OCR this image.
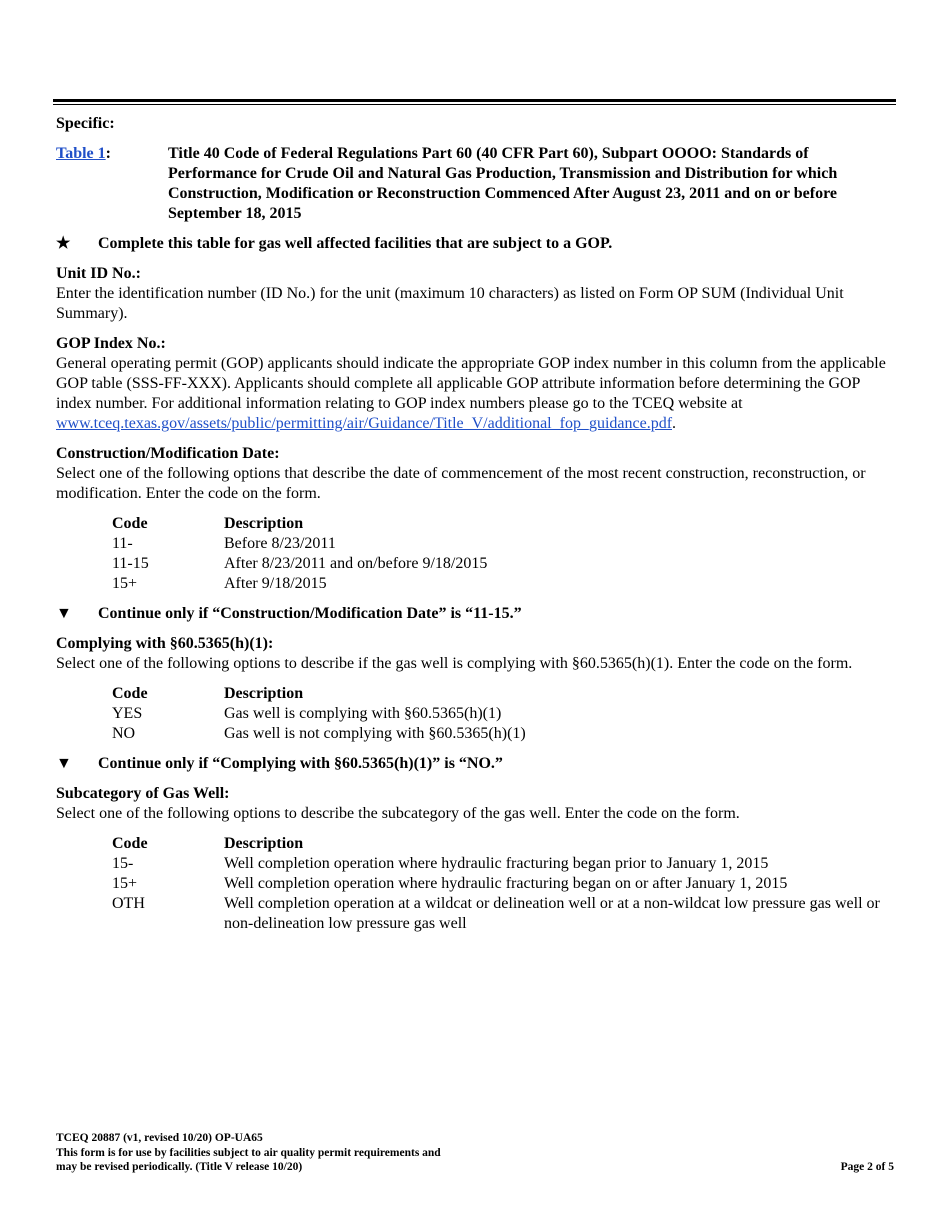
Specific:

Table 1:	Title 40 Code of Federal Regulations Part 60 (40 CFR Part 60), Subpart OOOO: Standards of Performance for Crude Oil and Natural Gas Production, Transmission and Distribution for which Construction, Modification or Reconstruction Commenced After August 23, 2011 and on or before September 18, 2015
★	Complete this table for gas well affected facilities that are subject to a GOP.

Unit ID No.:

Enter the identification number (ID No.) for the unit (maximum 10 characters) as listed on Form OP SUM (Individual Unit Summary).

GOP Index No.:

General operating permit (GOP) applicants should indicate the appropriate GOP index number in this column from the applicable GOP table (SSS-FF-XXX). Applicants should complete all applicable GOP attribute information before determining the GOP index number. For additional information relating to GOP index numbers please go to the TCEQ website at www.tceq.texas.gov/assets/public/permitting/air/Guidance/Title_V/additional_fop_guidance.pdf.

Construction/Modification Date:

Select one of the following options that describe the date of commencement of the most recent construction, reconstruction, or modification. Enter the code on the form.

Code	Description
11-	Before 8/23/2011
11-15	After 8/23/2011 and on/before 9/18/2015
15+	After 9/18/2015
▼	Continue only if “Construction/Modification Date” is “11-15.”

Complying with §60.5365(h)(1):

Select one of the following options to describe if the gas well is complying with §60.5365(h)(1). Enter the code on the form.

Code	Description
YES	Gas well is complying with §60.5365(h)(1)
NO	Gas well is not complying with §60.5365(h)(1)
▼	Continue only if “Complying with §60.5365(h)(1)” is “NO.”

Subcategory of Gas Well:

Select one of the following options to describe the subcategory of the gas well. Enter the code on the form.

Code	Description
15-	Well completion operation where hydraulic fracturing began prior to January 1, 2015
15+	Well completion operation where hydraulic fracturing began on or after January 1, 2015
OTH	Well completion operation at a wildcat or delineation well or at a non-wildcat low pressure gas well or non-delineation low pressure gas well
TCEQ 20887 (v1, revised 10/20) OP-UA65
This form is for use by facilities subject to air quality permit requirements and
may be revised periodically. (Title V release 10/20)	Page 2 of 5
